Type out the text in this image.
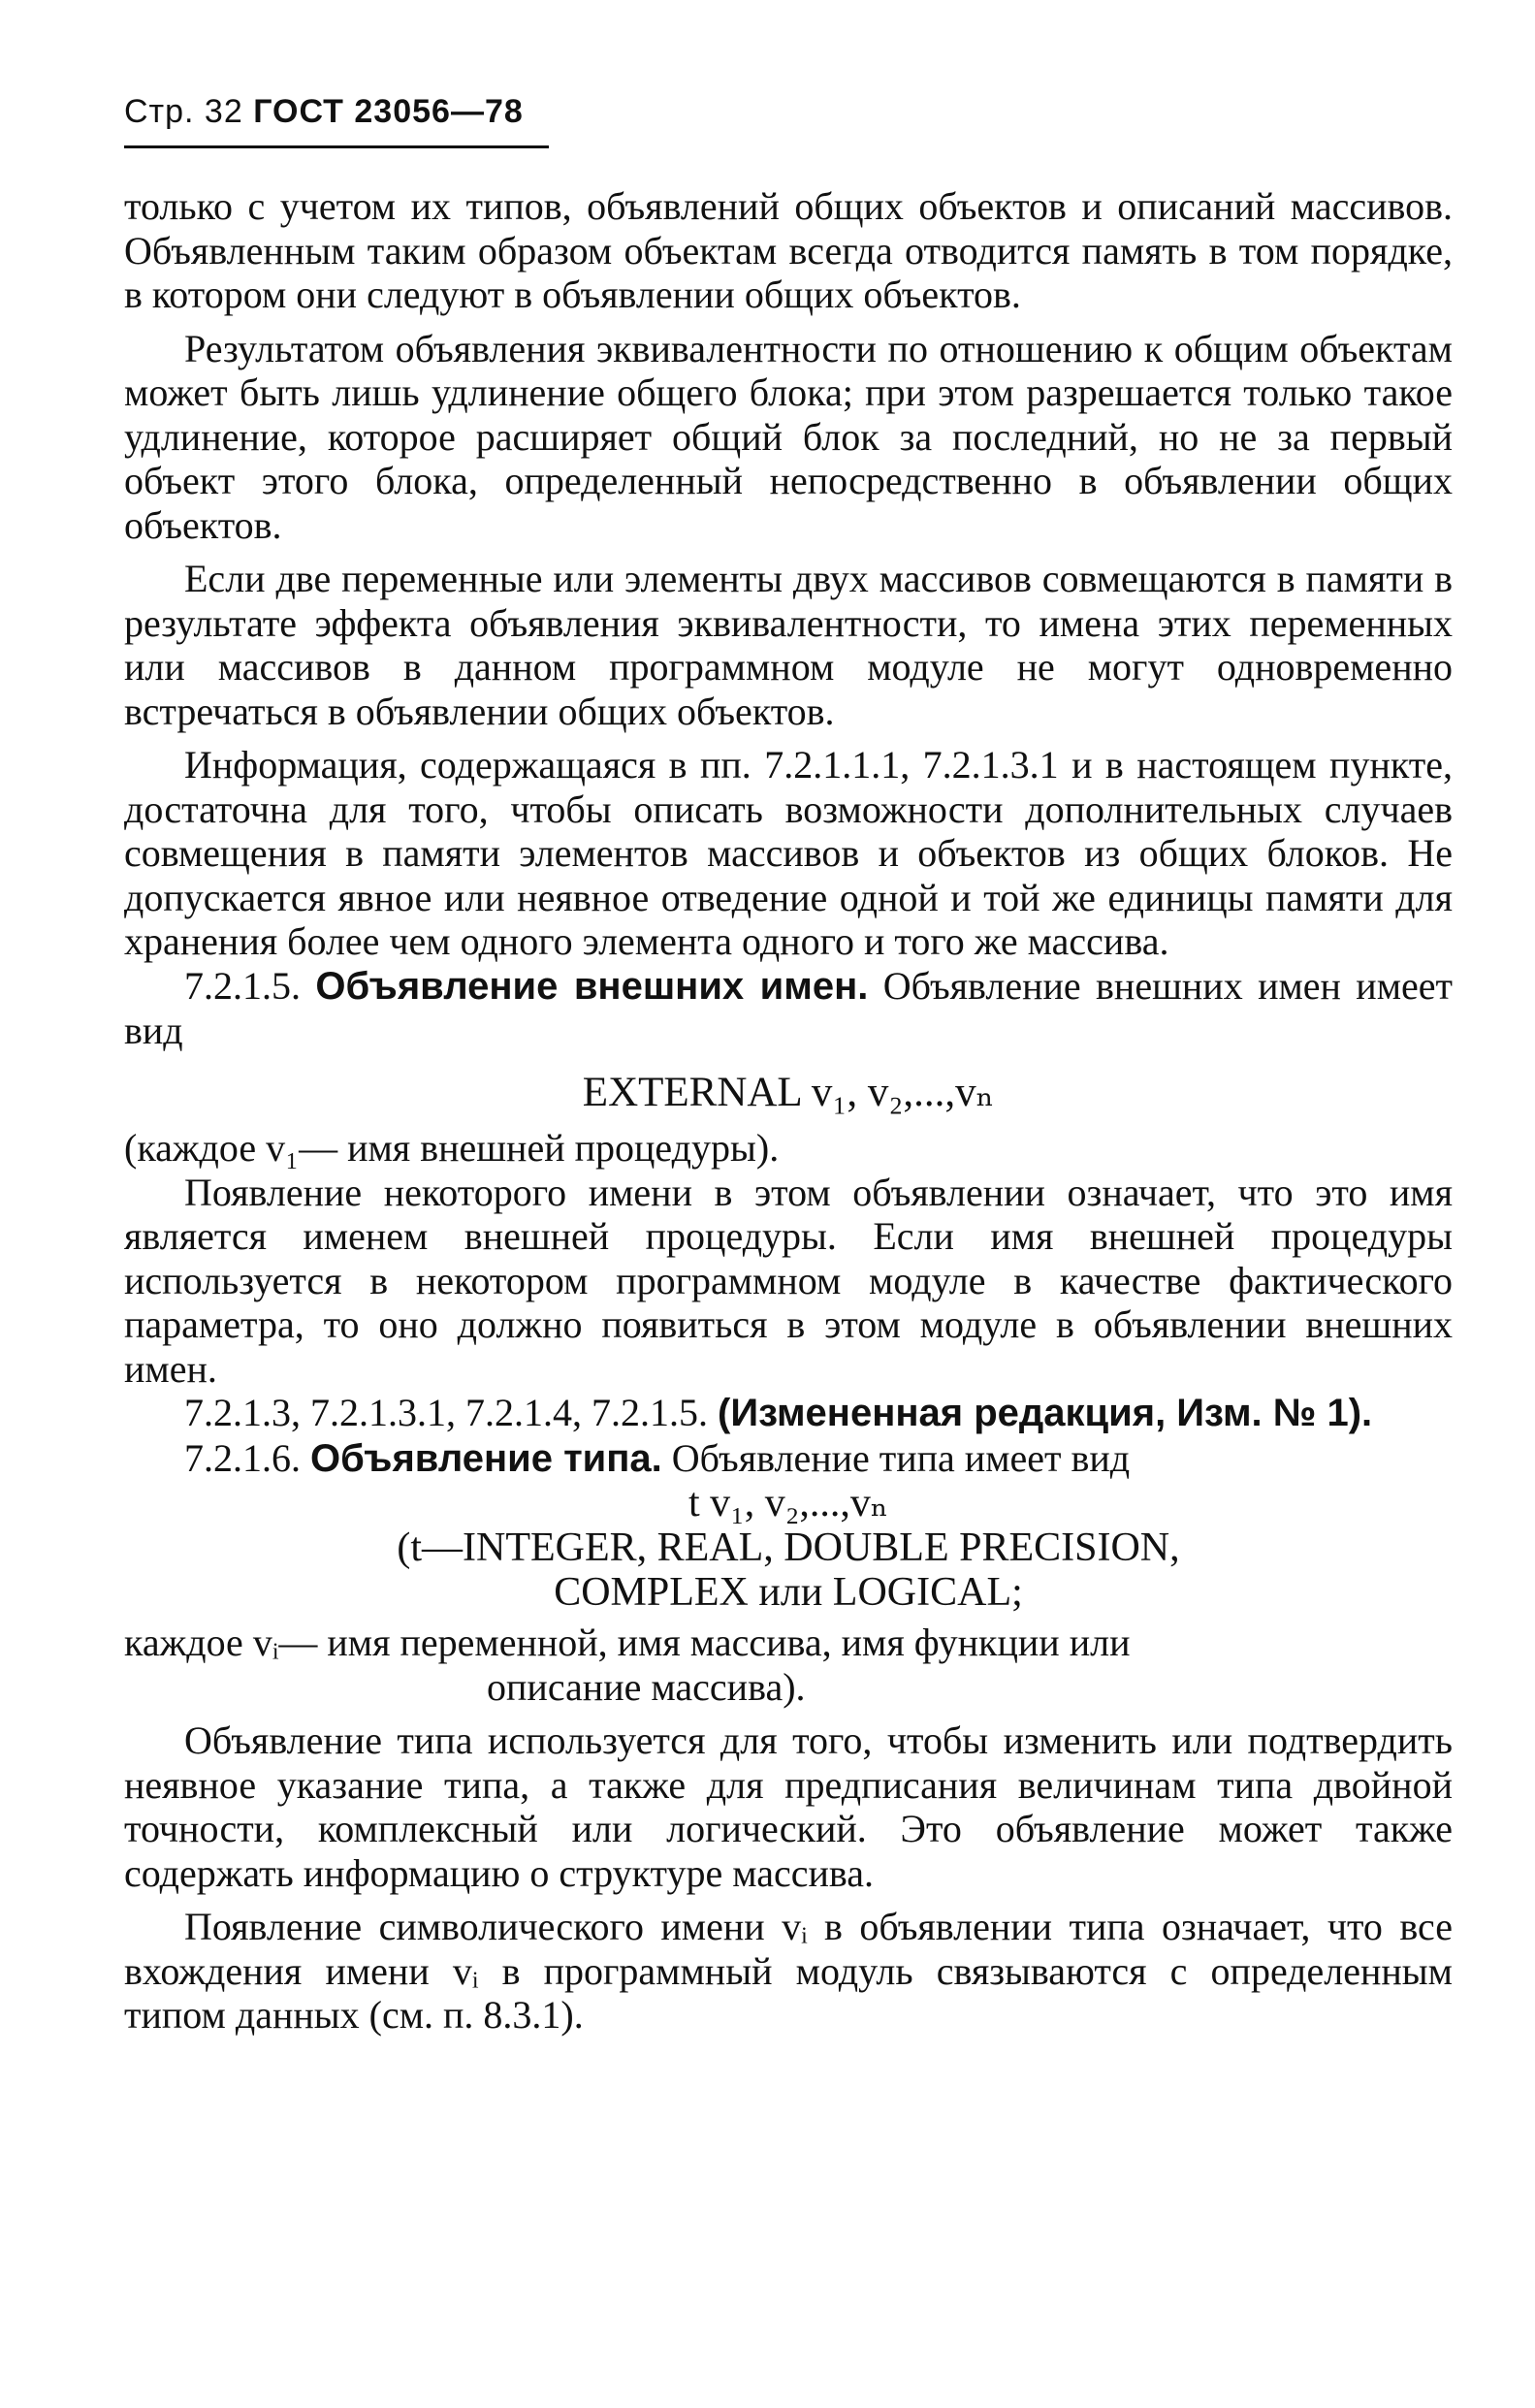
Стр. 32 ГОСТ 23056—78

только с учетом их типов, объявлений общих объектов и описаний массивов. Объявленным таким образом объектам всегда отводится память в том порядке, в котором они следуют в объявлении общих объектов.

Результатом объявления эквивалентности по отношению к общим объектам может быть лишь удлинение общего блока; при этом разрешается только такое удлинение, которое расширяет общий блок за последний, но не за первый объект этого блока, определенный непосредственно в объявлении общих объектов.

Если две переменные или элементы двух массивов совмещаются в памяти в результате эффекта объявления эквивалентности, то имена этих переменных или массивов в данном программном модуле не могут одновременно встречаться в объявлении общих объектов.

Информация, содержащаяся в пп. 7.2.1.1.1, 7.2.1.3.1 и в настоящем пункте, достаточна для того, чтобы описать возможности дополнительных случаев совмещения в памяти элементов массивов и объектов из общих блоков. Не допускается явное или неявное отведение одной и той же единицы памяти для хранения более чем одного элемента одного и того же массива.

7.2.1.5. Объявление внешних имен. Объявление внешних имен имеет вид

EXTERNAL v₁, v₂,...,vₙ

(каждое v₁— имя внешней процедуры).

Появление некоторого имени в этом объявлении означает, что это имя является именем внешней процедуры. Если имя внешней процедуры используется в некотором программном модуле в качестве фактического параметра, то оно должно появиться в этом модуле в объявлении внешних имен.

7.2.1.3, 7.2.1.3.1, 7.2.1.4, 7.2.1.5. (Измененная редакция, Изм. № 1).

7.2.1.6. Объявление типа. Объявление типа имеет вид

t v₁, v₂,...,vₙ

(t—INTEGER, REAL, DOUBLE PRECISION,

COMPLEX или LOGICAL;

каждое vᵢ— имя переменной, имя массива, имя функции или

описание массива).

Объявление типа используется для того, чтобы изменить или подтвердить неявное указание типа, а также для предписания величинам типа двойной точности, комплексный или логический. Это объявление может также содержать информацию о структуре массива.

Появление символического имени vᵢ в объявлении типа означает, что все вхождения имени vᵢ в программный модуль связываются с определенным типом данных (см. п. 8.3.1).
